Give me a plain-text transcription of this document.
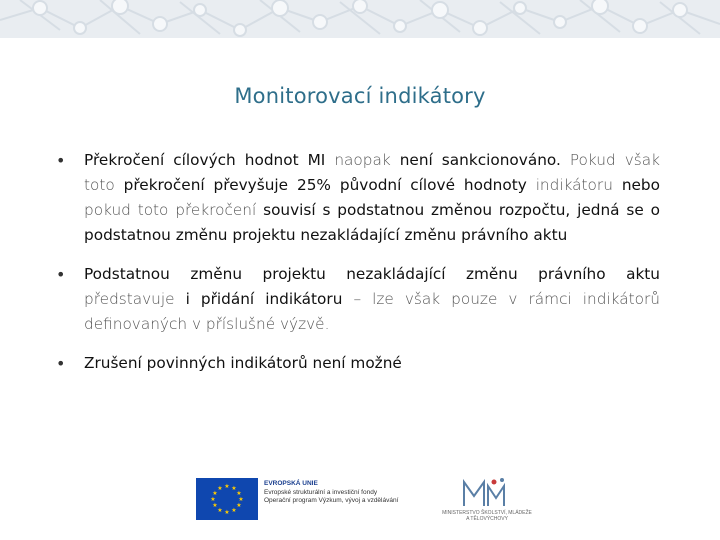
Monitorovací indikátory
• Překročení cílových hodnot MI naopak není sankcionováno. Pokud však toto překročení převyšuje 25% původní cílové hodnoty indikátoru nebo pokud toto překročení souvisí s podstatnou změnou rozpočtu, jedná se o podstatnou změnu projektu nezakládající změnu právního aktu

• Podstatnou změnu projektu nezakládající změnu právního aktu představuje i přidání indikátoru – lze však pouze v rámci indikátorů definovaných v příslušné výzvě.

• Zrušení povinných indikátorů není možné

★ ★
★
★
★
★
★
★
★
★
★
★
EVROPSKÁ UNIE
Evropské strukturální a investiční fondy
Operační program Výzkum, vývoj a vzdělávání
MINISTERSTVO ŠKOLSTVÍ, MLÁDEŽE A TĚLOVÝCHOVY
